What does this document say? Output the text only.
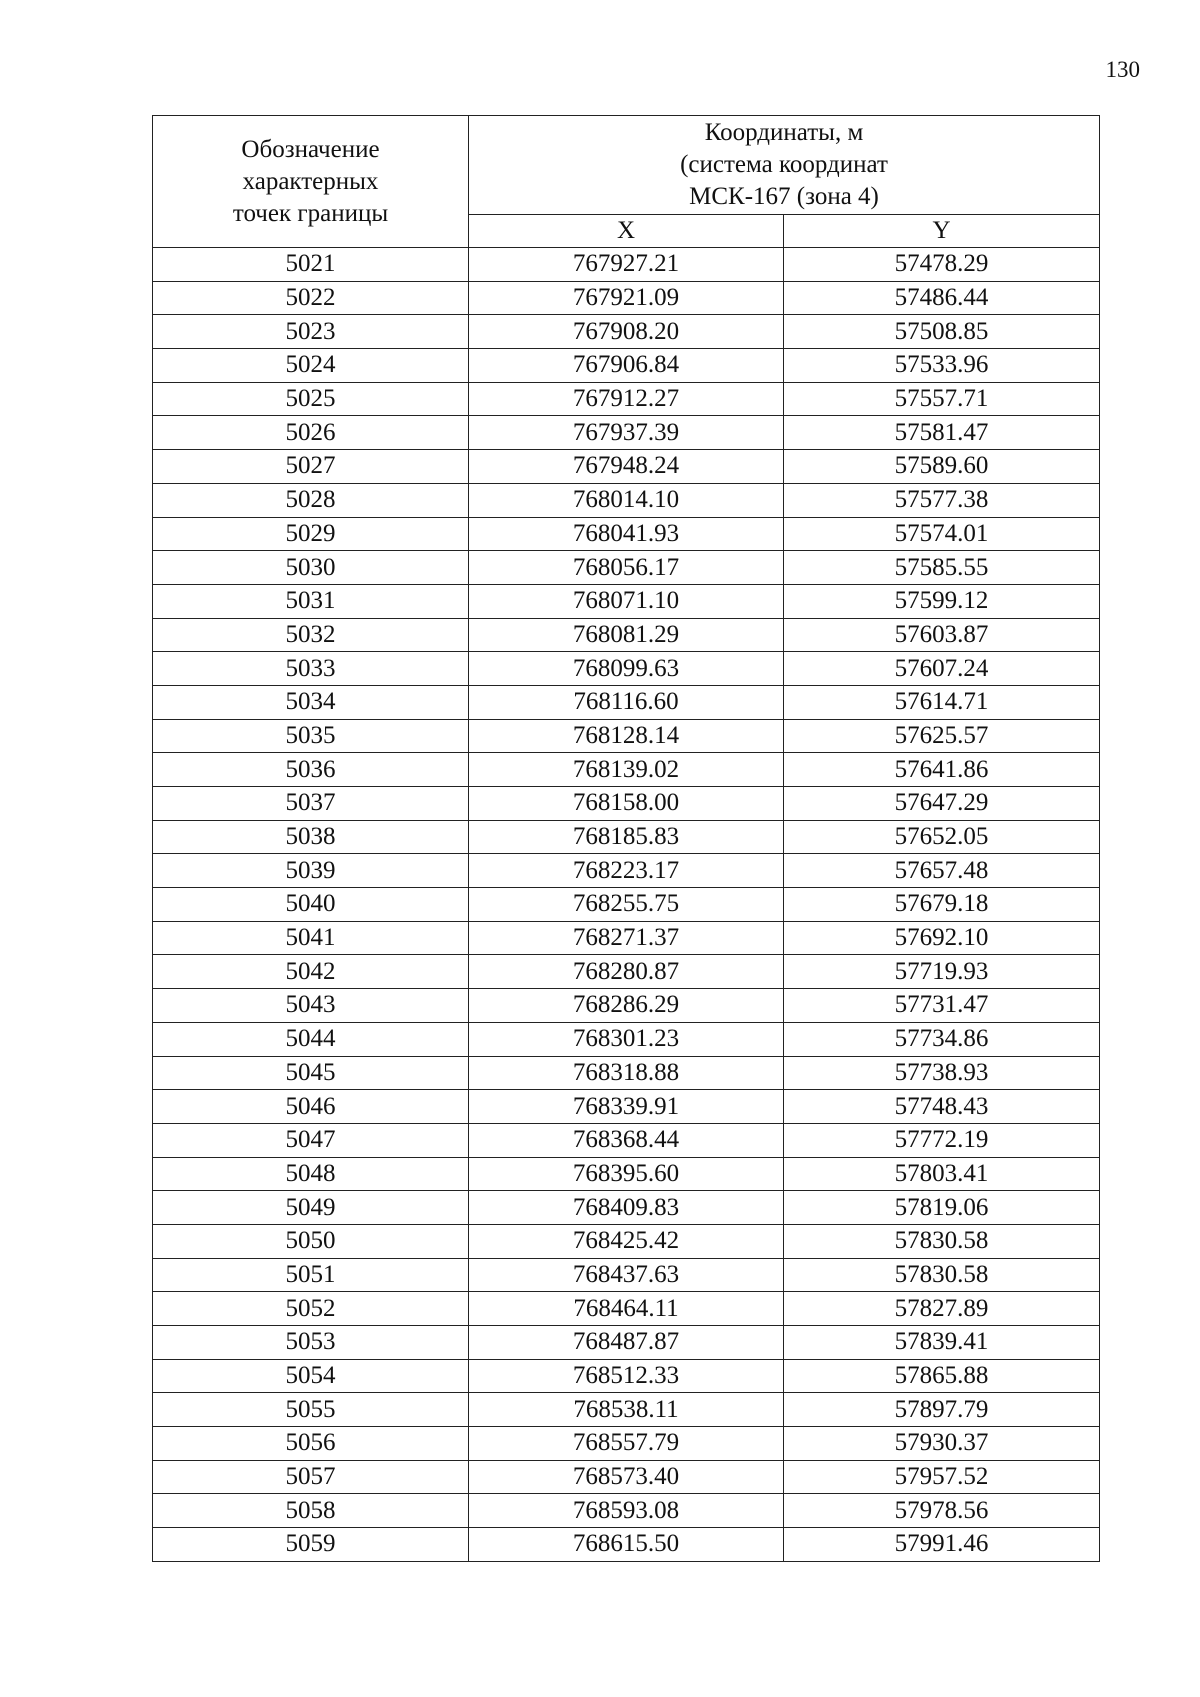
130
Обозначение
характерных
точек границы	Координаты, м
(система координат
МСК-167 (зона 4)	

	X	Y
5021	767927.21	57478.29
5022	767921.09	57486.44
5023	767908.20	57508.85
5024	767906.84	57533.96
5025	767912.27	57557.71
5026	767937.39	57581.47
5027	767948.24	57589.60
5028	768014.10	57577.38
5029	768041.93	57574.01
5030	768056.17	57585.55
5031	768071.10	57599.12
5032	768081.29	57603.87
5033	768099.63	57607.24
5034	768116.60	57614.71
5035	768128.14	57625.57
5036	768139.02	57641.86
5037	768158.00	57647.29
5038	768185.83	57652.05
5039	768223.17	57657.48
5040	768255.75	57679.18
5041	768271.37	57692.10
5042	768280.87	57719.93
5043	768286.29	57731.47
5044	768301.23	57734.86
5045	768318.88	57738.93
5046	768339.91	57748.43
5047	768368.44	57772.19
5048	768395.60	57803.41
5049	768409.83	57819.06
5050	768425.42	57830.58
5051	768437.63	57830.58
5052	768464.11	57827.89
5053	768487.87	57839.41
5054	768512.33	57865.88
5055	768538.11	57897.79
5056	768557.79	57930.37
5057	768573.40	57957.52
5058	768593.08	57978.56
5059	768615.50	57991.46
